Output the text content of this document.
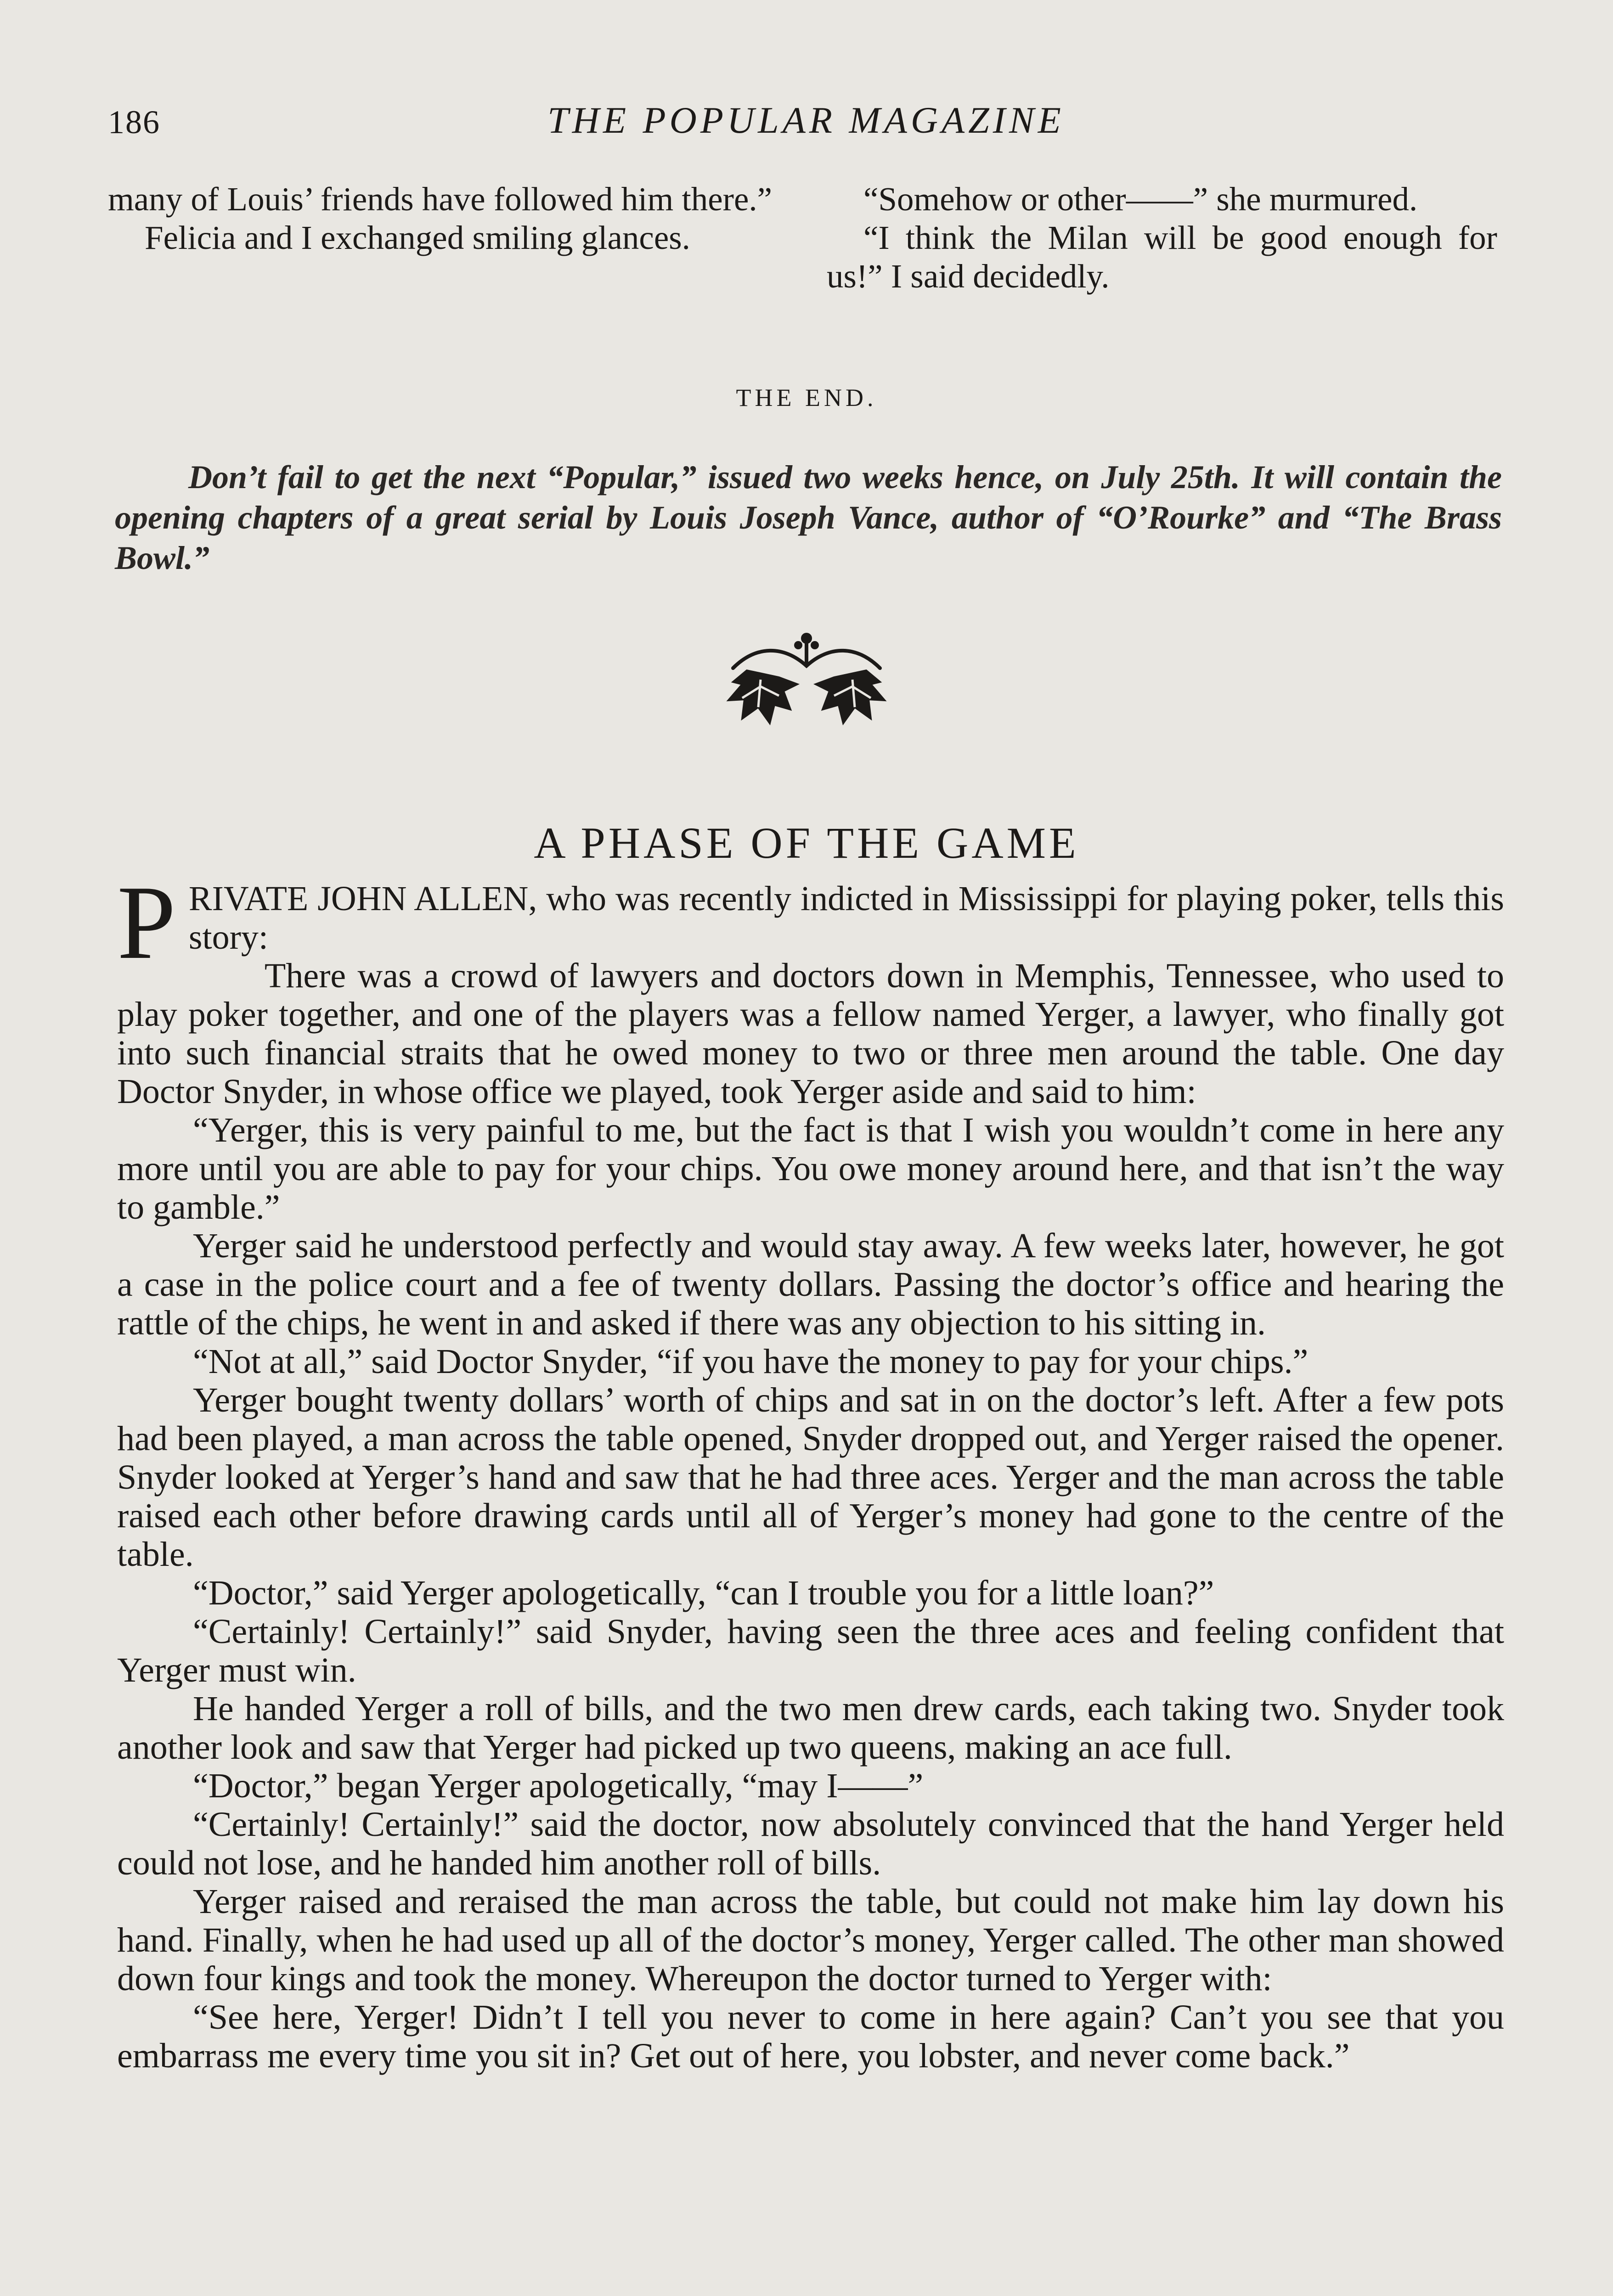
186	THE POPULAR MAGAZINE

many of Louis’ friends have followed him there.”

Felicia and I exchanged smiling glances.

“Somehow or other——” she murmured.

“I think the Milan will be good enough for us!” I said decidedly.

THE END.
Don’t fail to get the next “Popular,” issued two weeks hence, on July 25th. It will contain the opening chapters of a great serial by Louis Joseph Vance, author of “O’Rourke” and “The Brass Bowl.”
A PHASE OF THE GAME

PRIVATE JOHN ALLEN, who was recently indicted in Mississippi for playing poker, tells this story:

There was a crowd of lawyers and doctors down in Memphis, Tennessee, who used to play poker together, and one of the players was a fellow named Yerger, a lawyer, who finally got into such financial straits that he owed money to two or three men around the table. One day Doctor Snyder, in whose office we played, took Yerger aside and said to him:

“Yerger, this is very painful to me, but the fact is that I wish you wouldn’t come in here any more until you are able to pay for your chips. You owe money around here, and that isn’t the way to gamble.”

Yerger said he understood perfectly and would stay away. A few weeks later, however, he got a case in the police court and a fee of twenty dollars. Passing the doctor’s office and hearing the rattle of the chips, he went in and asked if there was any objection to his sitting in.

“Not at all,” said Doctor Snyder, “if you have the money to pay for your chips.”

Yerger bought twenty dollars’ worth of chips and sat in on the doctor’s left. After a few pots had been played, a man across the table opened, Snyder dropped out, and Yerger raised the opener. Snyder looked at Yerger’s hand and saw that he had three aces. Yerger and the man across the table raised each other before drawing cards until all of Yerger’s money had gone to the centre of the table.

“Doctor,” said Yerger apologetically, “can I trouble you for a little loan?”

“Certainly! Certainly!” said Snyder, having seen the three aces and feeling confident that Yerger must win.

He handed Yerger a roll of bills, and the two men drew cards, each taking two. Snyder took another look and saw that Yerger had picked up two queens, making an ace full.

“Doctor,” began Yerger apologetically, “may I——”

“Certainly! Certainly!” said the doctor, now absolutely convinced that the hand Yerger held could not lose, and he handed him another roll of bills.

Yerger raised and reraised the man across the table, but could not make him lay down his hand. Finally, when he had used up all of the doctor’s money, Yerger called. The other man showed down four kings and took the money. Whereupon the doctor turned to Yerger with:

“See here, Yerger! Didn’t I tell you never to come in here again? Can’t you see that you embarrass me every time you sit in? Get out of here, you lobster, and never come back.”
